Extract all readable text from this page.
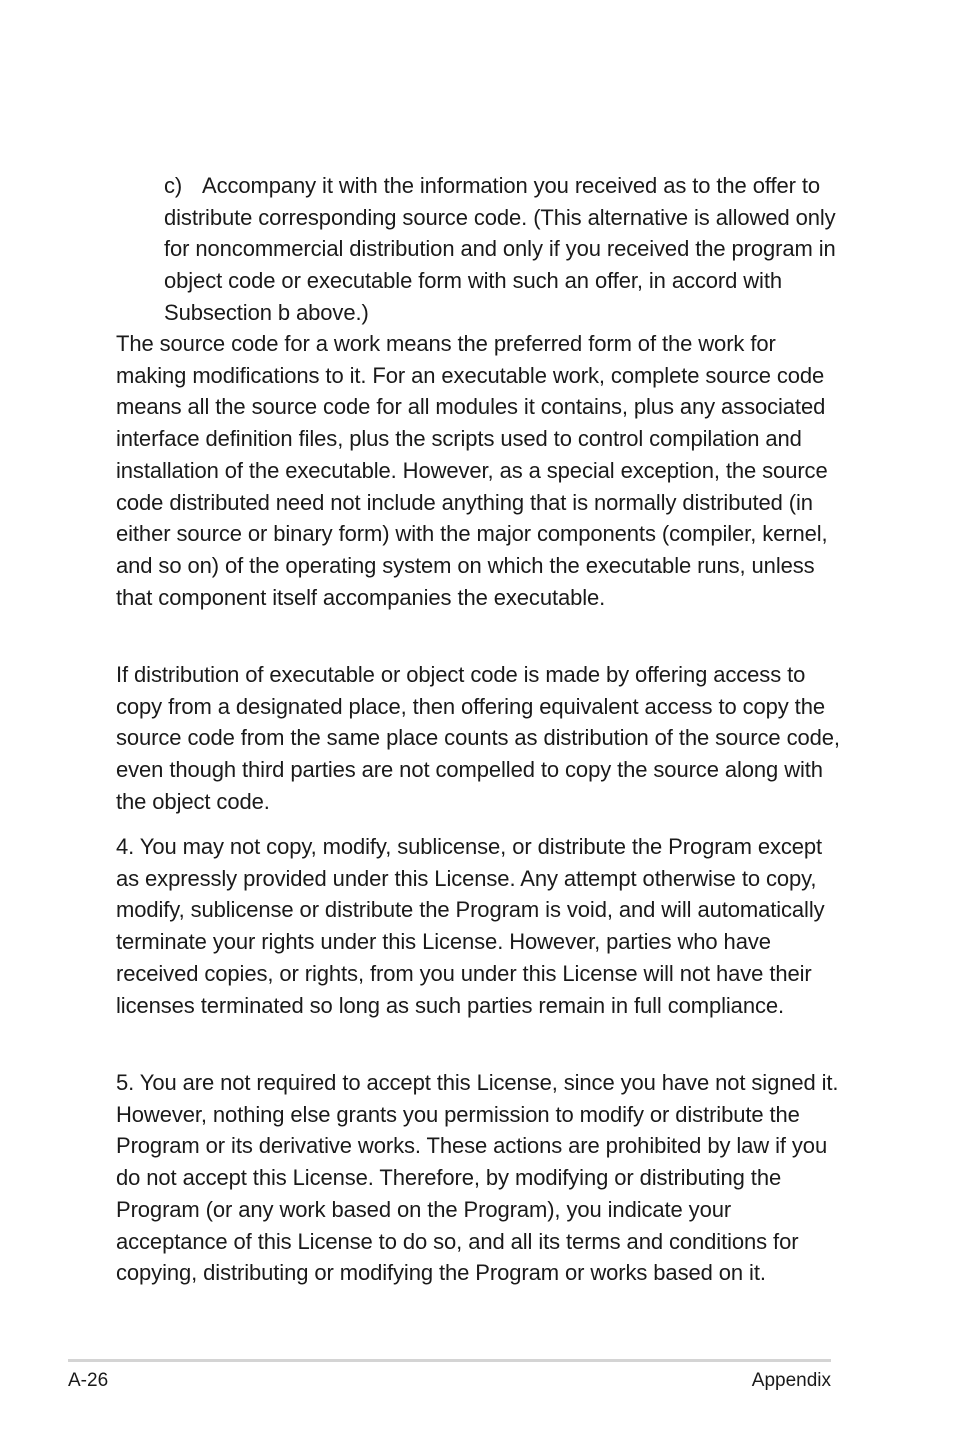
c) Accompany it with the information you received as to the offer to distribute corresponding source code. (This alternative is allowed only for noncommercial distribution and only if you received the program in object code or executable form with such an offer, in accord with Subsection b above.)

The source code for a work means the preferred form of the work for making modifications to it. For an executable work, complete source code means all the source code for all modules it contains, plus any associated interface definition files, plus the scripts used to control compilation and installation of the executable. However, as a special exception, the source code distributed need not include anything that is normally distributed (in either source or binary form) with the major components (compiler, kernel, and so on) of the operating system on which the executable runs, unless that component itself accompanies the executable.

If distribution of executable or object code is made by offering access to copy from a designated place, then offering equivalent access to copy the source code from the same place counts as distribution of the source code, even though third parties are not compelled to copy the source along with the object code.

4. You may not copy, modify, sublicense, or distribute the Program except as expressly provided under this License. Any attempt otherwise to copy, modify, sublicense or distribute the Program is void, and will automatically terminate your rights under this License. However, parties who have received copies, or rights, from you under this License will not have their licenses terminated so long as such parties remain in full compliance.

5. You are not required to accept this License, since you have not signed it. However, nothing else grants you permission to modify or distribute the Program or its derivative works. These actions are prohibited by law if you do not accept this License. Therefore, by modifying or distributing the Program (or any work based on the Program), you indicate your acceptance of this License to do so, and all its terms and conditions for copying, distributing or modifying the Program or works based on it.

A-26	Appendix
